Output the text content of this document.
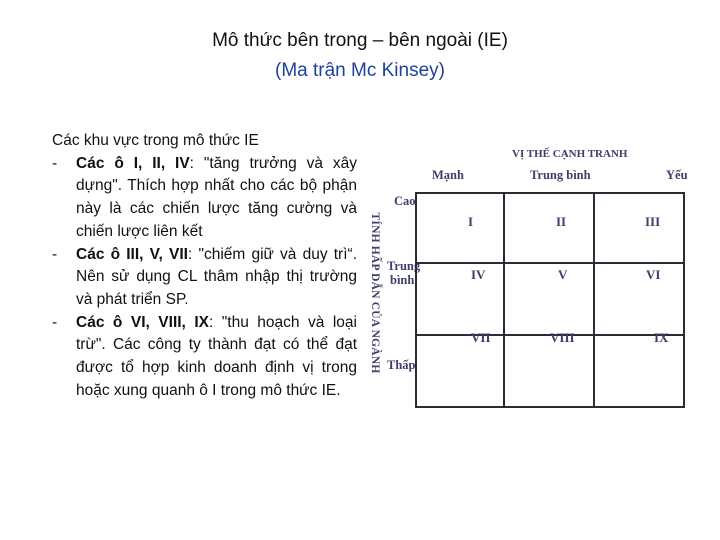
Mô thức bên trong – bên ngoài (IE)
(Ma trận Mc Kinsey)
Các khu vực trong mô thức IE
- Các ô I, II, IV: "tăng trưởng và xây dựng". Thích hợp nhất cho các bộ phận này là các chiến lược tăng cường và chiến lược liên kết
- Các ô III, V, VII: "chiếm giữ và duy trì“. Nên sử dụng CL thâm nhập thị trường và phát triển SP.
- Các ô VI, VIII, IX: "thu hoạch và loại trừ". Các công ty thành đạt có thể đạt được tổ hợp kinh doanh định vị trong hoặc xung quanh ô I trong mô thức IE.
VỊ THẾ CẠNH TRANH
Mạnh	Trung bình	Yếu
TÍNH HẤP DẪN CỦA NGÀNH
Cao
Trung
bình
Thấp
I	II	III
IV	V	VI
VII	VIII	IX
